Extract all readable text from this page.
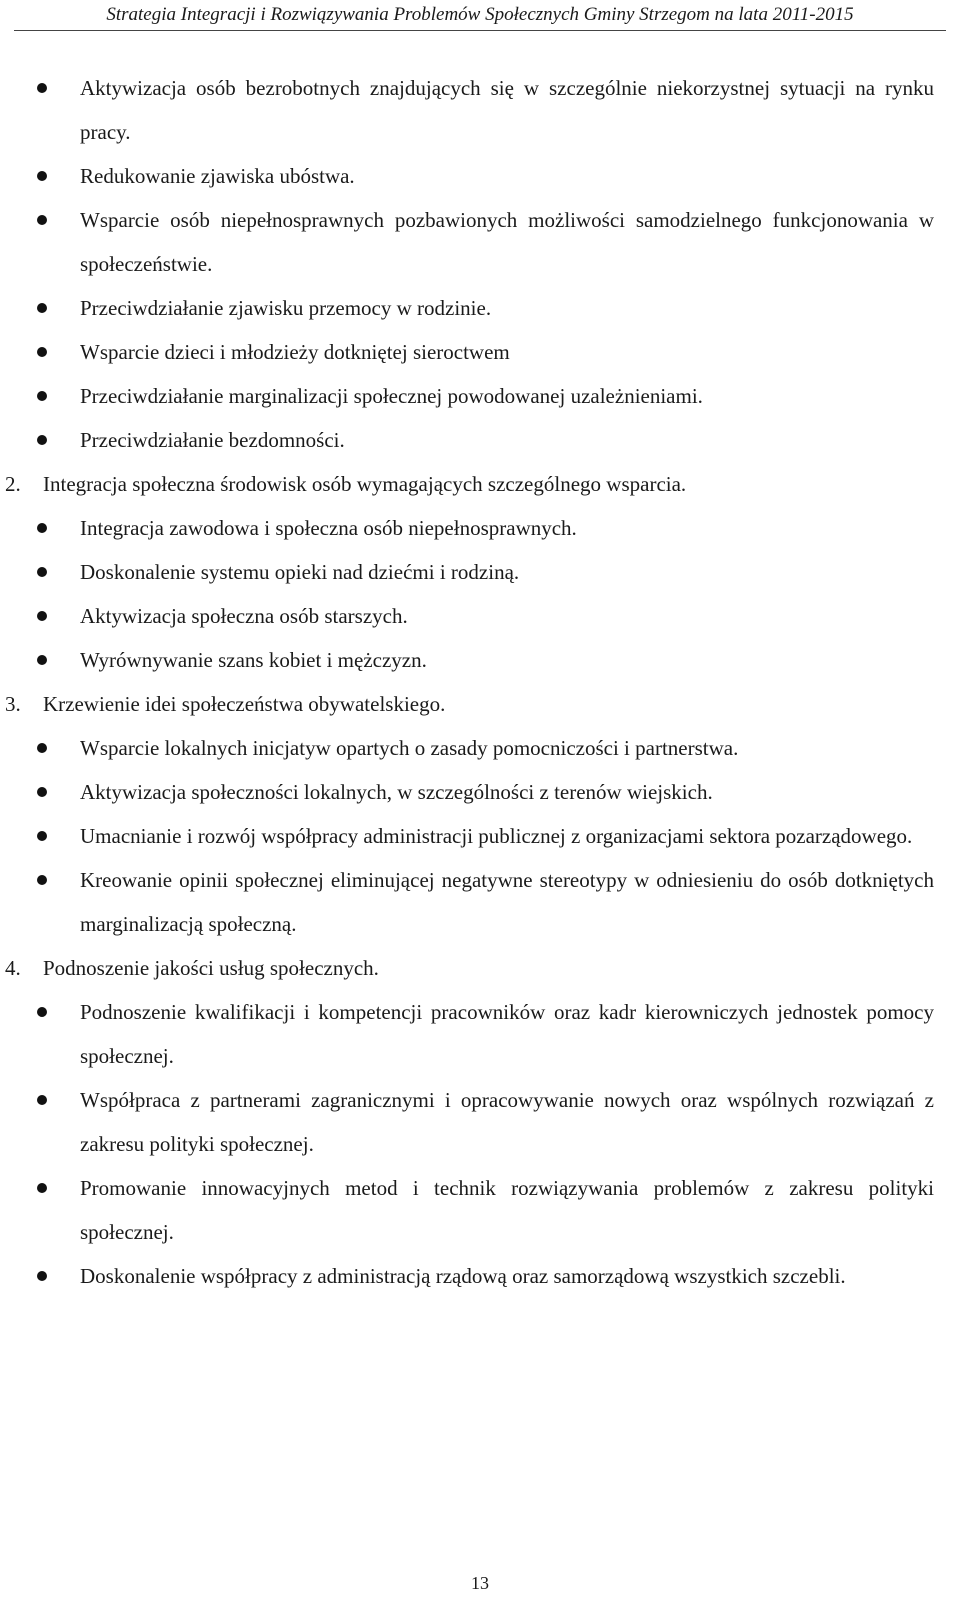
Strategia Integracji i Rozwiązywania Problemów Społecznych Gminy Strzegom na lata 2011-2015
Aktywizacja osób bezrobotnych znajdujących się w szczególnie niekorzystnej sytuacji na rynku pracy.
Redukowanie zjawiska ubóstwa.
Wsparcie osób niepełnosprawnych pozbawionych możliwości samodzielnego funkcjonowania w społeczeństwie.
Przeciwdziałanie zjawisku przemocy w rodzinie.
Wsparcie dzieci i młodzieży dotkniętej sieroctwem
Przeciwdziałanie marginalizacji społecznej powodowanej uzależnieniami.
Przeciwdziałanie bezdomności.
2. Integracja społeczna środowisk osób wymagających szczególnego wsparcia.
Integracja zawodowa i społeczna osób niepełnosprawnych.
Doskonalenie systemu opieki nad dziećmi i rodziną.
Aktywizacja społeczna osób starszych.
Wyrównywanie szans kobiet i mężczyzn.
3. Krzewienie idei społeczeństwa obywatelskiego.
Wsparcie lokalnych inicjatyw opartych o zasady pomocniczości i partnerstwa.
Aktywizacja społeczności lokalnych, w szczególności z terenów wiejskich.
Umacnianie i rozwój współpracy administracji publicznej z organizacjami sektora pozarządowego.
Kreowanie opinii społecznej eliminującej negatywne stereotypy w odniesieniu do osób dotkniętych marginalizacją społeczną.
4. Podnoszenie jakości usług społecznych.
Podnoszenie kwalifikacji i kompetencji pracowników oraz kadr kierowniczych jednostek pomocy społecznej.
Współpraca z partnerami zagranicznymi i opracowywanie nowych oraz wspólnych rozwiązań z zakresu polityki społecznej.
Promowanie innowacyjnych metod i technik rozwiązywania problemów z zakresu polityki społecznej.
Doskonalenie współpracy z administracją rządową oraz samorządową wszystkich szczebli.
13
